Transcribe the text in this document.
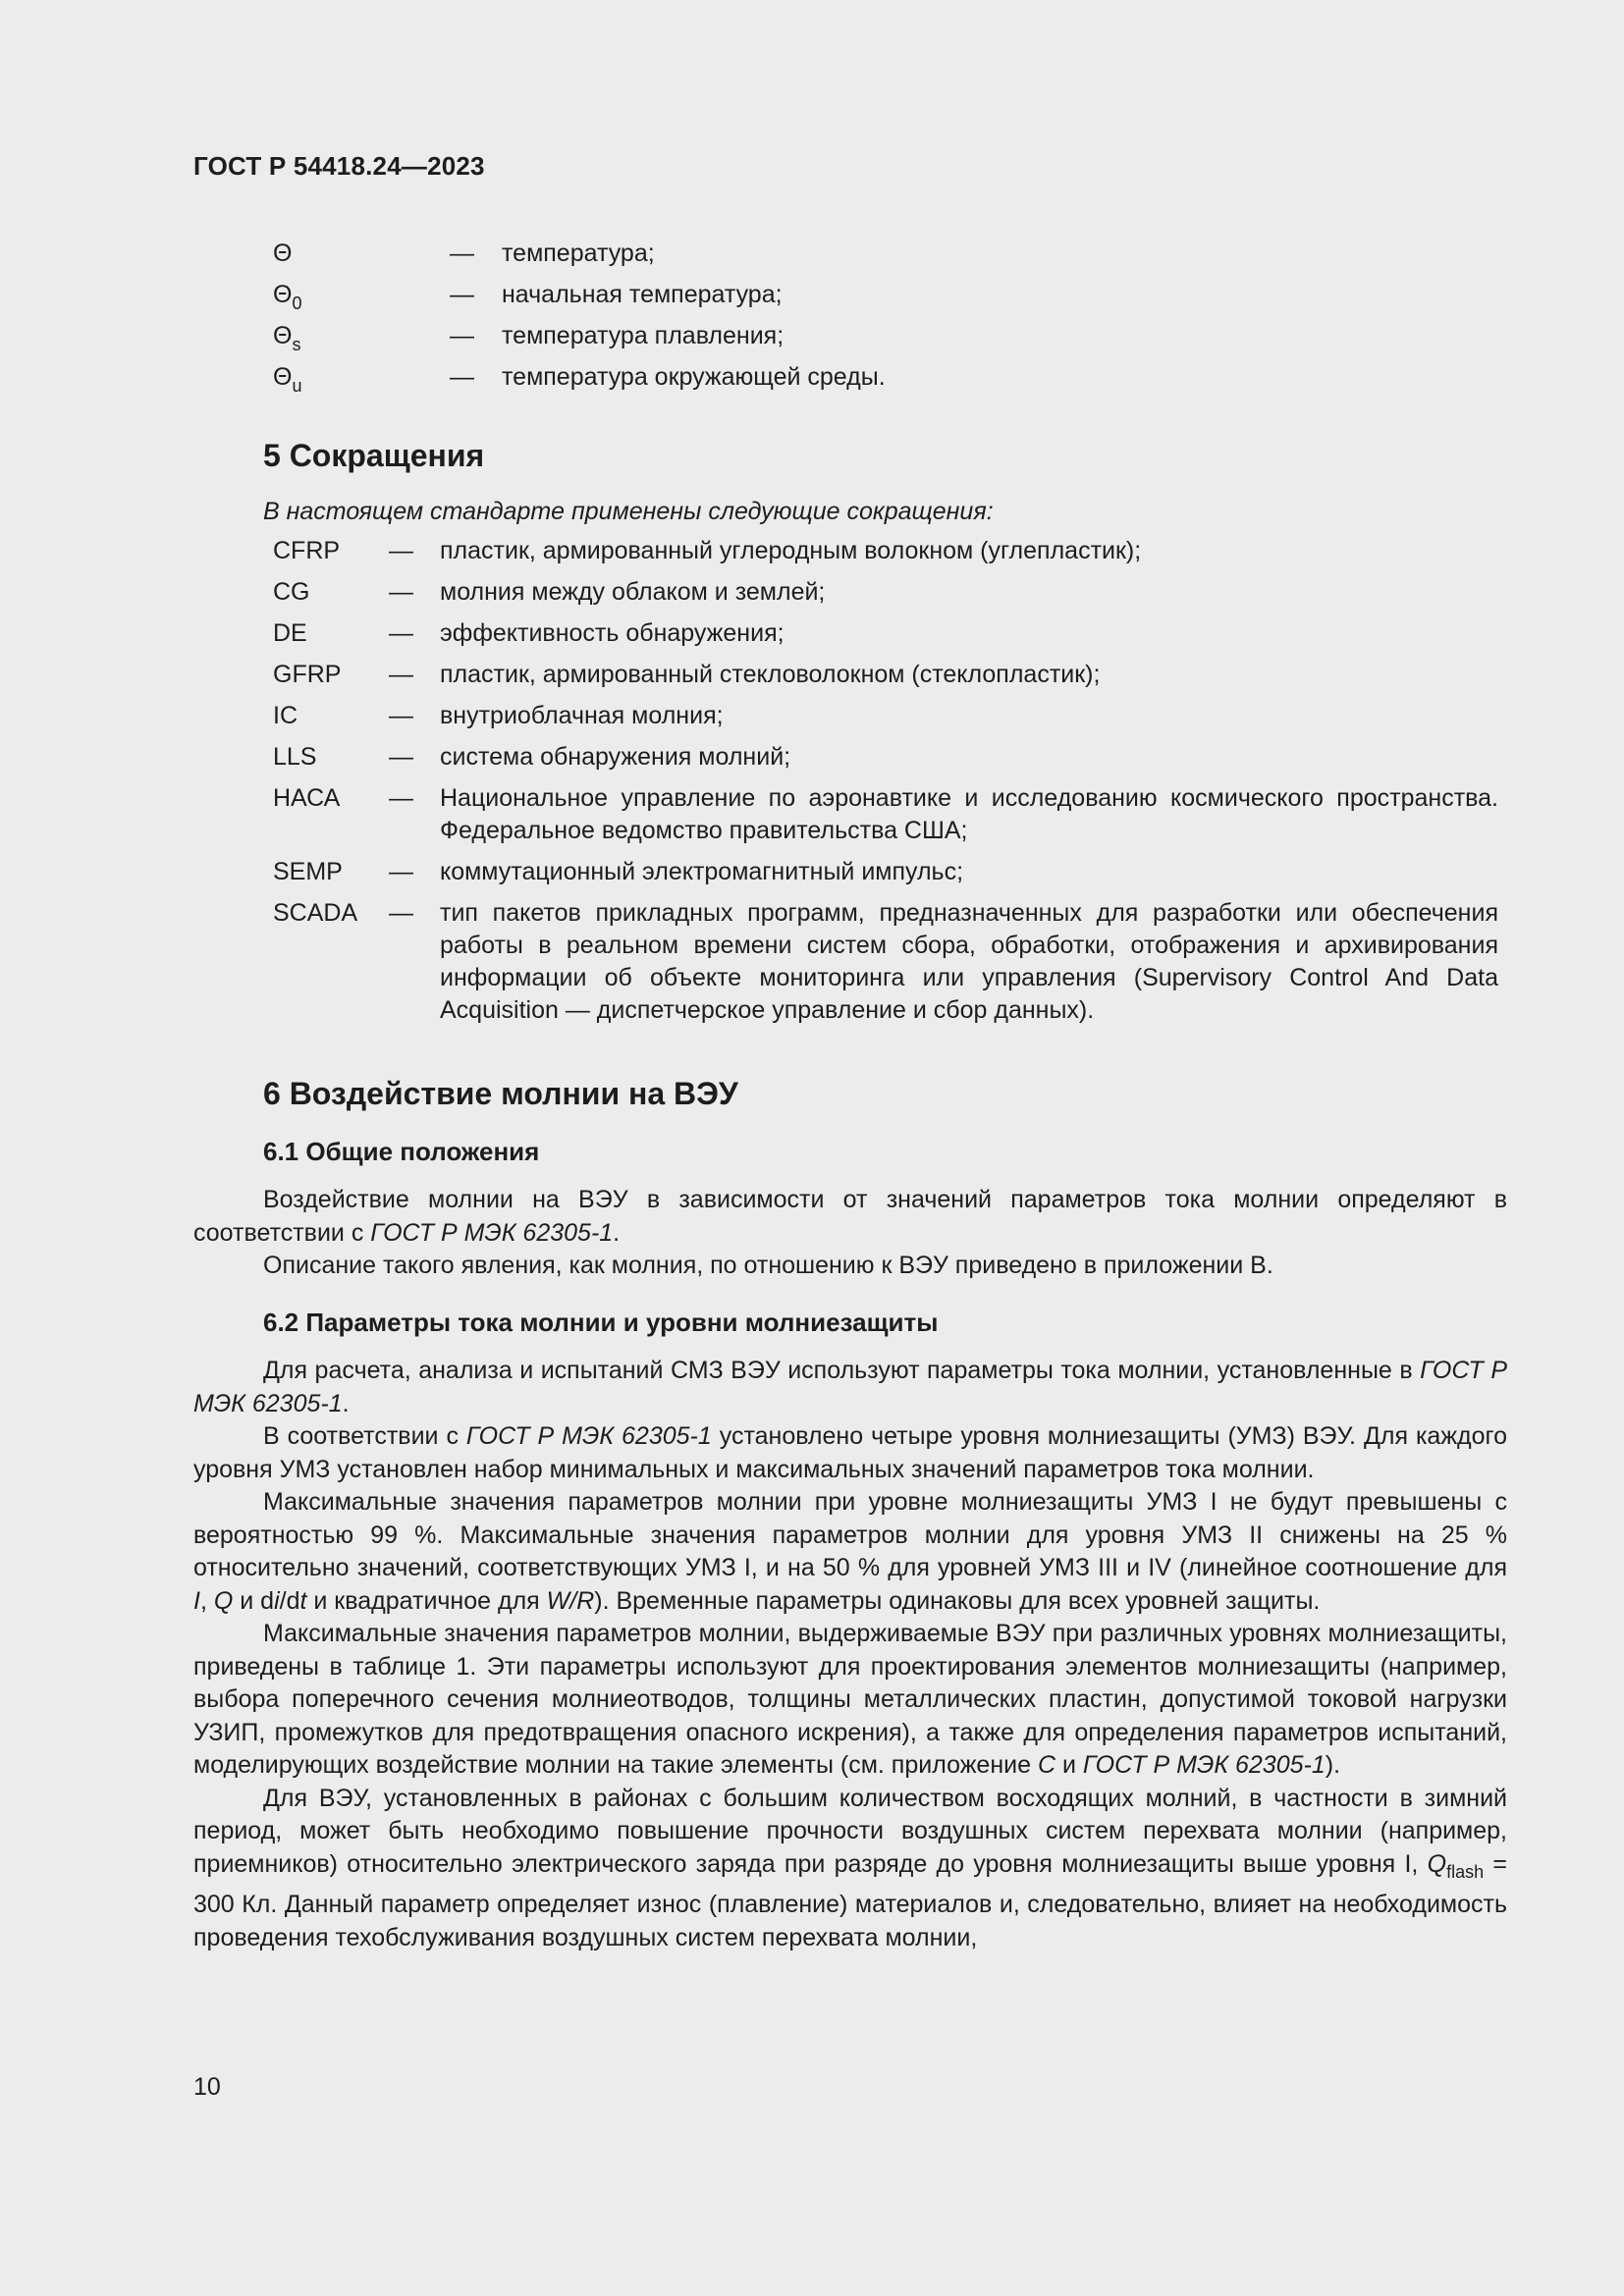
ГОСТ Р 54418.24—2023
Θ	— температура;
$\Theta_0$	— начальная температура;
$\Theta_s$	— температура плавления;
$\Theta_u$	— температура окружающей среды.
5 Сокращения
В настоящем стандарте применены следующие сокращения:
CFRP — пластик, армированный углеродным волокном (углепластик);
CG	— молния между облаком и землей;
DE	— эффективность обнаружения;
GFRP — пластик, армированный стекловолокном (стеклопластик);
IC	— внутриоблачная молния;
LLS	— система обнаружения молний;
НАСА — Национальное управление по аэронавтике и исследованию космического пространства. Федеральное ведомство правительства США;
SEMP — коммутационный электромагнитный импульс;
SCADA — тип пакетов прикладных программ, предназначенных для разработки или обеспечения работы в реальном времени систем сбора, обработки, отображения и архивирования информации об объекте мониторинга или управления (Supervisory Control And Data Acquisition — диспетчерское управление и сбор данных).
6 Воздействие молнии на ВЭУ
6.1 Общие положения

Воздействие молнии на ВЭУ в зависимости от значений параметров тока молнии определяют в соответствии с ГОСТ Р МЭК 62305-1.

Описание такого явления, как молния, по отношению к ВЭУ приведено в приложении В.

6.2 Параметры тока молнии и уровни молниезащиты

Для расчета, анализа и испытаний СМЗ ВЭУ используют параметры тока молнии, установленные в ГОСТ Р МЭК 62305-1.

В соответствии с ГОСТ Р МЭК 62305-1 установлено четыре уровня молниезащиты (УМЗ) ВЭУ. Для каждого уровня УМЗ установлен набор минимальных и максимальных значений параметров тока молнии.

Максимальные значения параметров молнии при уровне молниезащиты УМЗ I не будут превышены с вероятностью 99 %. Максимальные значения параметров молнии для уровня УМЗ II снижены на 25 % относительно значений, соответствующих УМЗ I, и на 50 % для уровней УМЗ III и IV (линейное соотношение для I, Q и di/dt и квадратичное для W/R). Временные параметры одинаковы для всех уровней защиты.

Максимальные значения параметров молнии, выдерживаемые ВЭУ при различных уровнях молниезащиты, приведены в таблице 1. Эти параметры используют для проектирования элементов молниезащиты (например, выбора поперечного сечения молниеотводов, толщины металлических пластин, допустимой токовой нагрузки УЗИП, промежутков для предотвращения опасного искрения), а также для определения параметров испытаний, моделирующих воздействие молнии на такие элементы (см. приложение С и ГОСТ Р МЭК 62305-1).

Для ВЭУ, установленных в районах с большим количеством восходящих молний, в частности в зимний период, может быть необходимо повышение прочности воздушных систем перехвата молнии (например, приемников) относительно электрического заряда при разряде до уровня молниезащиты выше уровня I, $Q_{flash} = 300$ Кл. Данный параметр определяет износ (плавление) материалов и, следовательно, влияет на необходимость проведения техобслуживания воздушных систем перехвата молнии,

10
